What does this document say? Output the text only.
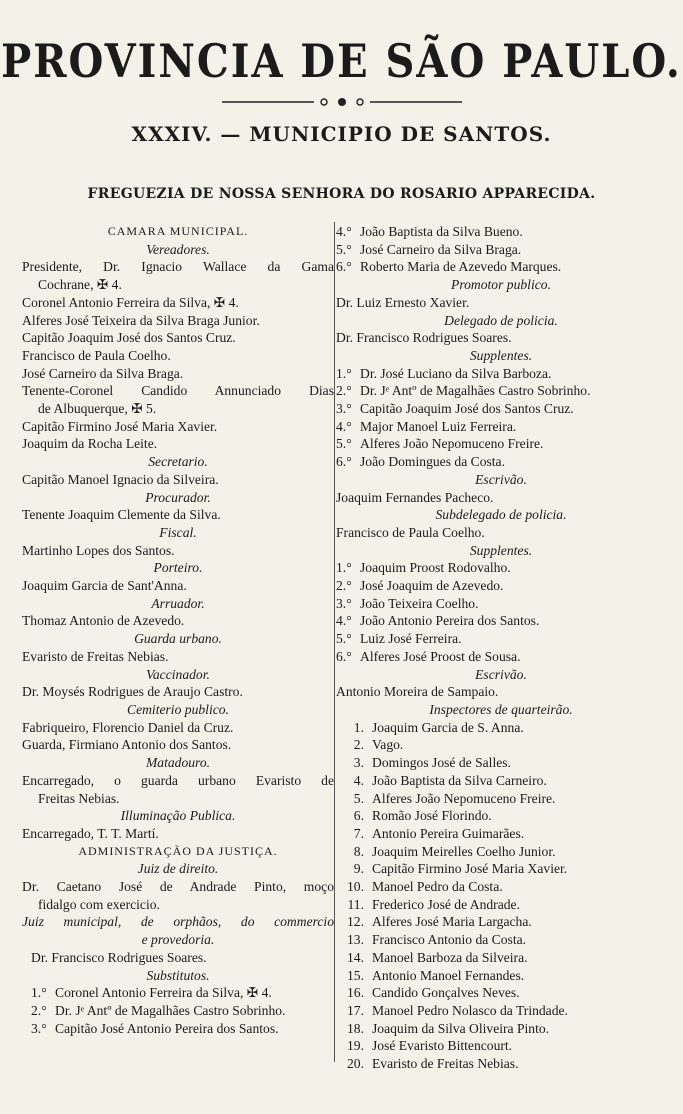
PROVINCIA DE SÃO PAULO.
XXXIV. — MUNICIPIO DE SANTOS.
FREGUEZIA DE NOSSA SENHORA DO ROSARIO APPARECIDA.
CAMARA MUNICIPAL.
Vereadores.
Presidente, Dr. Ignacio Wallace da Gama
Cochrane, ✠ 4.
Coronel Antonio Ferreira da Silva, ✠ 4.
Alferes José Teixeira da Silva Braga Junior.
Capitão Joaquim José dos Santos Cruz.
Francisco de Paula Coelho.
José Carneiro da Silva Braga.
Tenente-Coronel Candido Annunciado Dias
de Albuquerque, ✠ 5.
Capitão Firmino José Maria Xavier.
Joaquim da Rocha Leite.
Secretario.
Capitão Manoel Ignacio da Silveira.
Procurador.
Tenente Joaquim Clemente da Silva.
Fiscal.
Martinho Lopes dos Santos.
Porteiro.
Joaquim Garcia de Sant'Anna.
Arruador.
Thomaz Antonio de Azevedo.
Guarda urbano.
Evaristo de Freitas Nebias.
Vaccinador.
Dr. Moysés Rodrigues de Araujo Castro.
Cemiterio publico.
Fabriqueiro, Florencio Daniel da Cruz.
Guarda, Firmiano Antonio dos Santos.
Matadouro.
Encarregado, o guarda urbano Evaristo de
Freitas Nebias.
Illuminação Publica.
Encarregado, T. T. Martí.
ADMINISTRAÇÃO DA JUSTIÇA.
Juiz de direito.
Dr. Caetano José de Andrade Pinto, moço
fidalgo com exercicio.
Juiz municipal, de orphãos, do commercio
e provedoria.
Dr. Francisco Rodrigues Soares.
Substitutos.
1.° Coronel Antonio Ferreira da Silva, ✠ 4.
2.° Dr. Jᵉ Antº de Magalhães Castro Sobrinho.
3.° Capitão José Antonio Pereira dos Santos.
4.° João Baptista da Silva Bueno.
5.° José Carneiro da Silva Braga.
6.° Roberto Maria de Azevedo Marques.
Promotor publico.
Dr. Luiz Ernesto Xavier.
Delegado de policia.
Dr. Francisco Rodrigues Soares.
Supplentes.
1.° Dr. José Luciano da Silva Barboza.
2.° Dr. Jᵉ Antº de Magalhães Castro Sobrinho.
3.° Capitão Joaquim José dos Santos Cruz.
4.° Major Manoel Luiz Ferreira.
5.° Alferes João Nepomuceno Freire.
6.° João Domingues da Costa.
Escrivão.
Joaquim Fernandes Pacheco.
Subdelegado de policia.
Francisco de Paula Coelho.
Supplentes.
1.° Joaquim Proost Rodovalho.
2.° José Joaquim de Azevedo.
3.° João Teixeira Coelho.
4.° João Antonio Pereira dos Santos.
5.° Luiz José Ferreira.
6.° Alferes José Proost de Sousa.
Escrivão.
Antonio Moreira de Sampaio.
Inspectores de quarteirão.
1. Joaquim Garcia de S. Anna.
2. Vago.
3. Domingos José de Salles.
4. João Baptista da Silva Carneiro.
5. Alferes João Nepomuceno Freire.
6. Romão José Florindo.
7. Antonio Pereira Guimarães.
8. Joaquim Meirelles Coelho Junior.
9. Capitão Firmino José Maria Xavier.
10. Manoel Pedro da Costa.
11. Frederico José de Andrade.
12. Alferes José Maria Largacha.
13. Francisco Antonio da Costa.
14. Manoel Barboza da Silveira.
15. Antonio Manoel Fernandes.
16. Candido Gonçalves Neves.
17. Manoel Pedro Nolasco da Trindade.
18. Joaquim da Silva Oliveira Pinto.
19. José Evaristo Bittencourt.
20. Evaristo de Freitas Nebias.
